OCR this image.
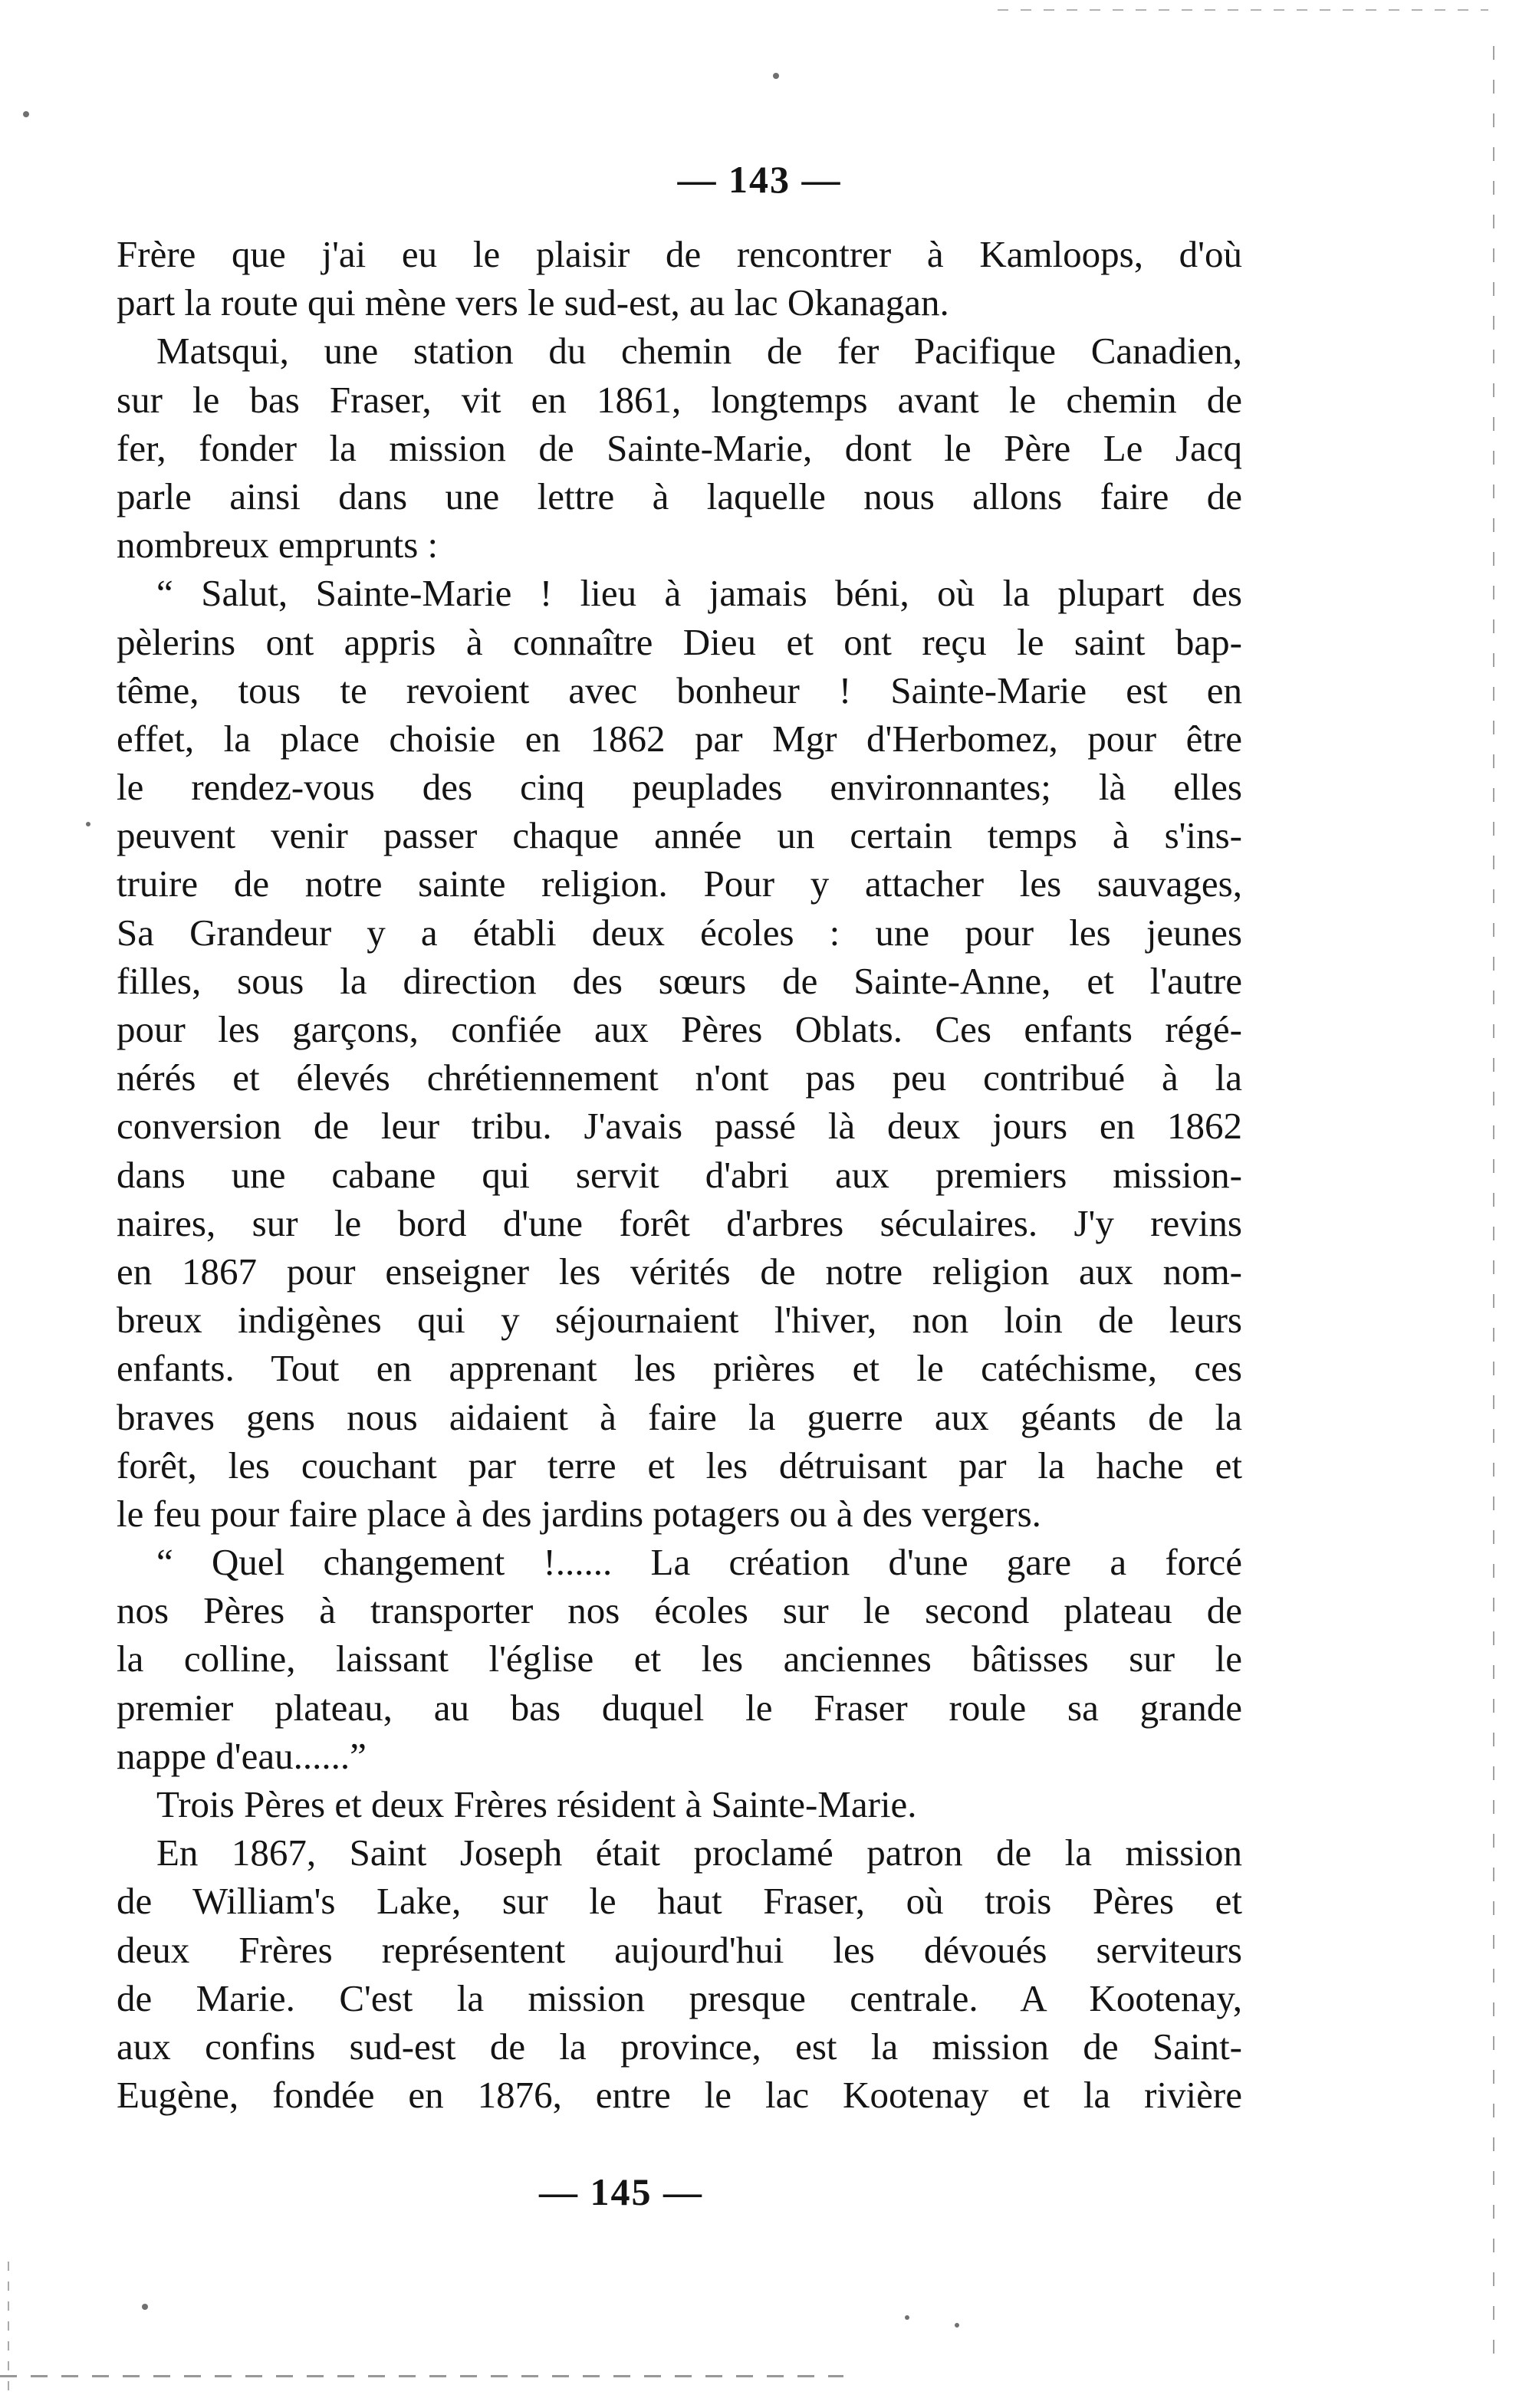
— 143 —
Frère que j'ai eu le plaisir de rencontrer à Kamloops, d'où
part la route qui mène vers le sud-est, au lac Okanagan.
Matsqui, une station du chemin de fer Pacifique Canadien,
sur le bas Fraser, vit en 1861, longtemps avant le chemin de
fer, fonder la mission de Sainte-Marie, dont le Père Le Jacq
parle ainsi dans une lettre à laquelle nous allons faire de
nombreux emprunts :
“ Salut, Sainte-Marie ! lieu à jamais béni, où la plupart des
pèlerins ont appris à connaître Dieu et ont reçu le saint bap-
tême, tous te revoient avec bonheur ! Sainte-Marie est en
effet, la place choisie en 1862 par Mgr d'Herbomez, pour être
le rendez-vous des cinq peuplades environnantes; là elles
peuvent venir passer chaque année un certain temps à s'ins-
truire de notre sainte religion. Pour y attacher les sauvages,
Sa Grandeur y a établi deux écoles : une pour les jeunes
filles, sous la direction des sœurs de Sainte-Anne, et l'autre
pour les garçons, confiée aux Pères Oblats. Ces enfants régé-
nérés et élevés chrétiennement n'ont pas peu contribué à la
conversion de leur tribu. J'avais passé là deux jours en 1862
dans une cabane qui servit d'abri aux premiers mission-
naires, sur le bord d'une forêt d'arbres séculaires. J'y revins
en 1867 pour enseigner les vérités de notre religion aux nom-
breux indigènes qui y séjournaient l'hiver, non loin de leurs
enfants. Tout en apprenant les prières et le catéchisme, ces
braves gens nous aidaient à faire la guerre aux géants de la
forêt, les couchant par terre et les détruisant par la hache et
le feu pour faire place à des jardins potagers ou à des vergers.
“ Quel changement !...... La création d'une gare a forcé
nos Pères à transporter nos écoles sur le second plateau de
la colline, laissant l'église et les anciennes bâtisses sur le
premier plateau, au bas duquel le Fraser roule sa grande
nappe d'eau......”
Trois Pères et deux Frères résident à Sainte-Marie.
En 1867, Saint Joseph était proclamé patron de la mission
de William's Lake, sur le haut Fraser, où trois Pères et
deux Frères représentent aujourd'hui les dévoués serviteurs
de Marie. C'est la mission presque centrale. A Kootenay,
aux confins sud-est de la province, est la mission de Saint-
Eugène, fondée en 1876, entre le lac Kootenay et la rivière
— 145 —
